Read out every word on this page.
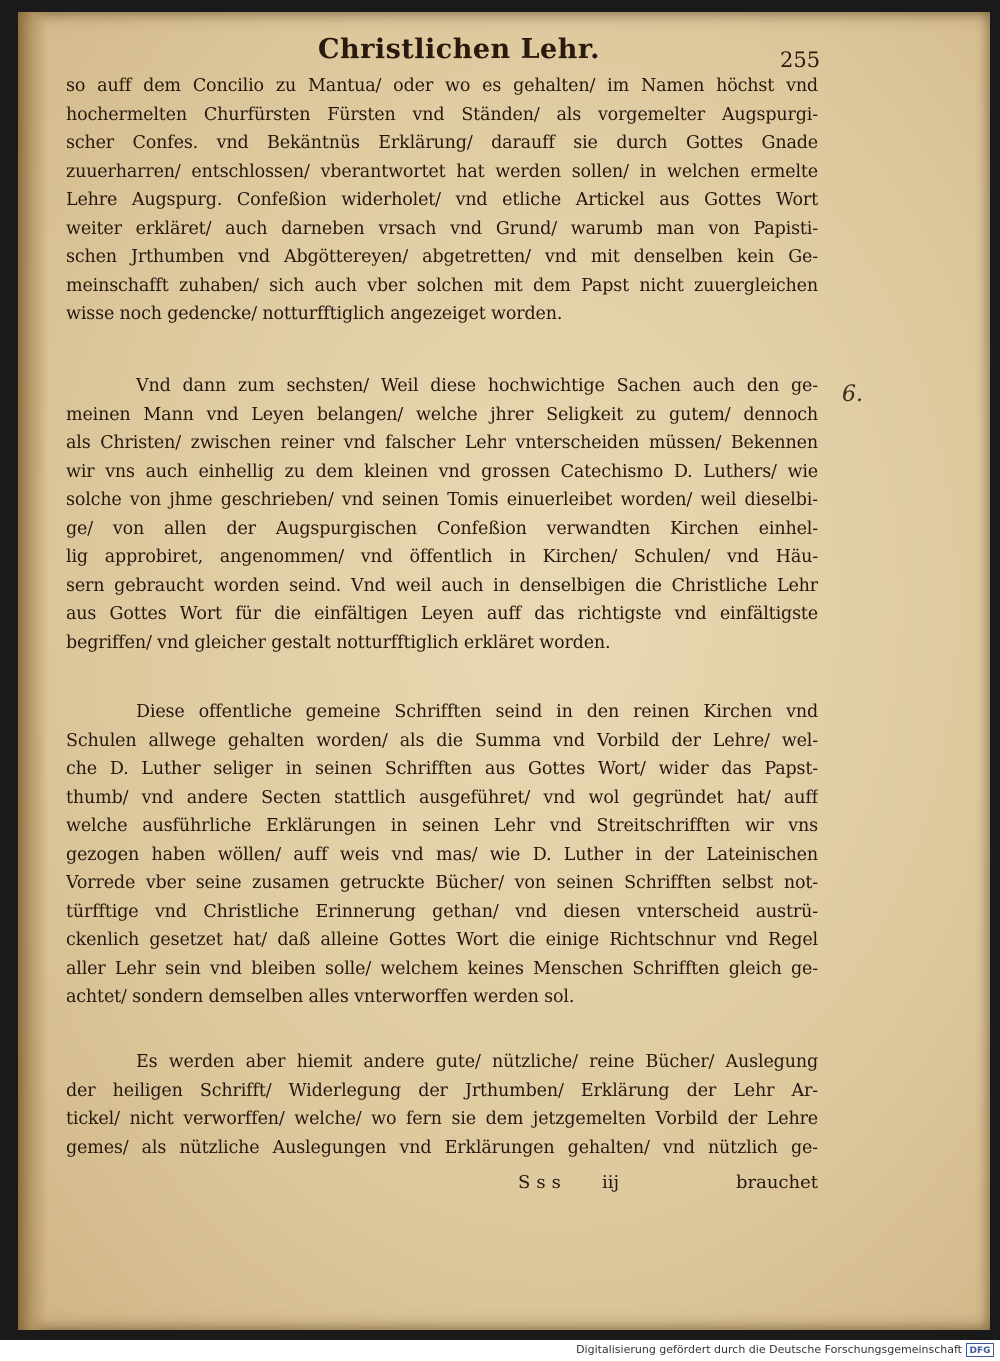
Christlichen Lehr.	255
6.
so auff dem Concilio zu Mantua/ oder wo es gehalten/ im Namen höchst vnd
hochermelten Churfürsten Fürsten vnd Ständen/ als vorgemelter Augspurgi-
scher Confes. vnd Bekäntnüs Erklärung/ darauff sie durch Gottes Gnade
zuuerharren/ entschlossen/ vberantwortet hat werden sollen/ in welchen ermelte
Lehre Augspurg. Confeßion widerholet/ vnd etliche Artickel aus Gottes Wort
weiter erkläret/ auch darneben vrsach vnd Grund/ warumb man von Papisti-
schen Jrthumben vnd Abgöttereyen/ abgetretten/ vnd mit denselben kein Ge-
meinschafft zuhaben/ sich auch vber solchen mit dem Papst nicht zuuergleichen
wisse noch gedencke/ notturfftiglich angezeiget worden.
Vnd dann zum sechsten/ Weil diese hochwichtige Sachen auch den ge-
meinen Mann vnd Leyen belangen/ welche jhrer Seligkeit zu gutem/ dennoch
als Christen/ zwischen reiner vnd falscher Lehr vnterscheiden müssen/ Bekennen
wir vns auch einhellig zu dem kleinen vnd grossen Catechismo D. Luthers/ wie
solche von jhme geschrieben/ vnd seinen Tomis einuerleibet worden/ weil dieselbi-
ge/ von allen der Augspurgischen Confeßion verwandten Kirchen einhel-
lig approbiret, angenommen/ vnd öffentlich in Kirchen/ Schulen/ vnd Häu-
sern gebraucht worden seind. Vnd weil auch in denselbigen die Christliche Lehr
aus Gottes Wort für die einfältigen Leyen auff das richtigste vnd einfältigste
begriffen/ vnd gleicher gestalt notturfftiglich erkläret worden.
Diese offentliche gemeine Schrifften seind in den reinen Kirchen vnd
Schulen allwege gehalten worden/ als die Summa vnd Vorbild der Lehre/ wel-
che D. Luther seliger in seinen Schrifften aus Gottes Wort/ wider das Papst-
thumb/ vnd andere Secten stattlich ausgeführet/ vnd wol gegründet hat/ auff
welche ausführliche Erklärungen in seinen Lehr vnd Streitschrifften wir vns
gezogen haben wöllen/ auff weis vnd mas/ wie D. Luther in der Lateinischen
Vorrede vber seine zusamen getruckte Bücher/ von seinen Schrifften selbst not-
türfftige vnd Christliche Erinnerung gethan/ vnd diesen vnterscheid austrü-
ckenlich gesetzet hat/ daß alleine Gottes Wort die einige Richtschnur vnd Regel
aller Lehr sein vnd bleiben solle/ welchem keines Menschen Schrifften gleich ge-
achtet/ sondern demselben alles vnterworffen werden sol.
Es werden aber hiemit andere gute/ nützliche/ reine Bücher/ Auslegung
der heiligen Schrifft/ Widerlegung der Jrthumben/ Erklärung der Lehr Ar-
tickel/ nicht verworffen/ welche/ wo fern sie dem jetzgemelten Vorbild der Lehre
gemes/ als nützliche Auslegungen vnd Erklärungen gehalten/ vnd nützlich ge-
Sss iij	brauchet
Digitalisierung gefördert durch die Deutsche Forschungsgemeinschaft DFG
